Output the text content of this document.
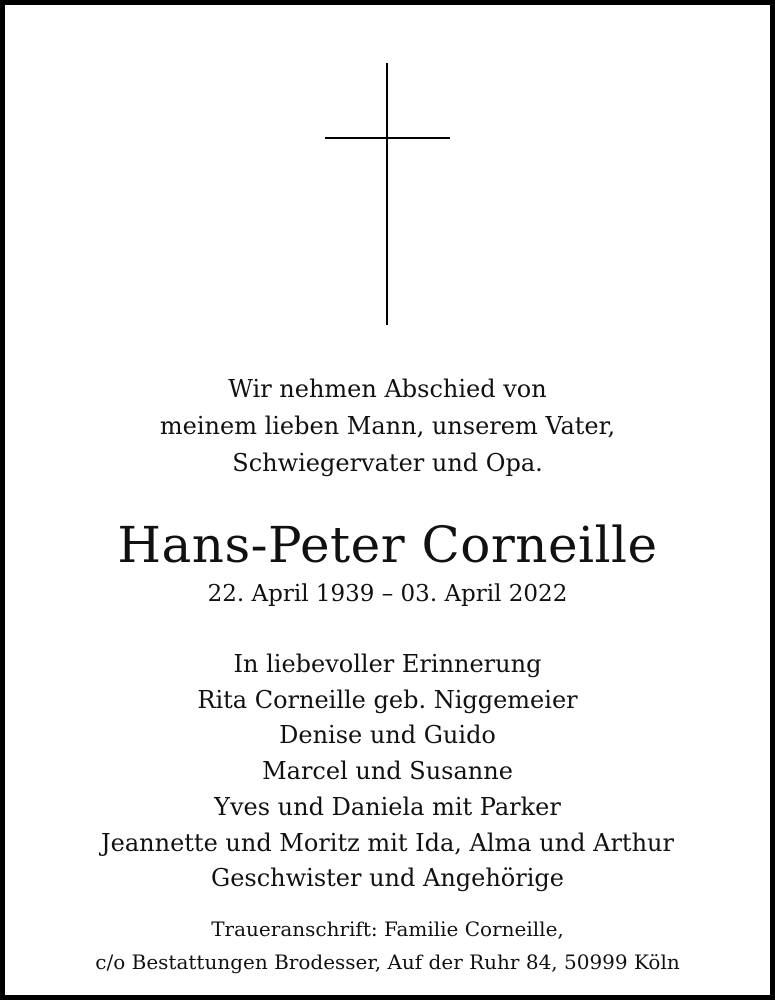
Wir nehmen Abschied von
meinem lieben Mann, unserem Vater,
Schwiegervater und Opa.
Hans-Peter Corneille
22. April 1939 – 03. April 2022
In liebevoller Erinnerung
Rita Corneille geb. Niggemeier
Denise und Guido
Marcel und Susanne
Yves und Daniela mit Parker
Jeannette und Moritz mit Ida, Alma und Arthur
Geschwister und Angehörige
Traueranschrift: Familie Corneille,
c/o Bestattungen Brodesser, Auf der Ruhr 84, 50999 Köln
